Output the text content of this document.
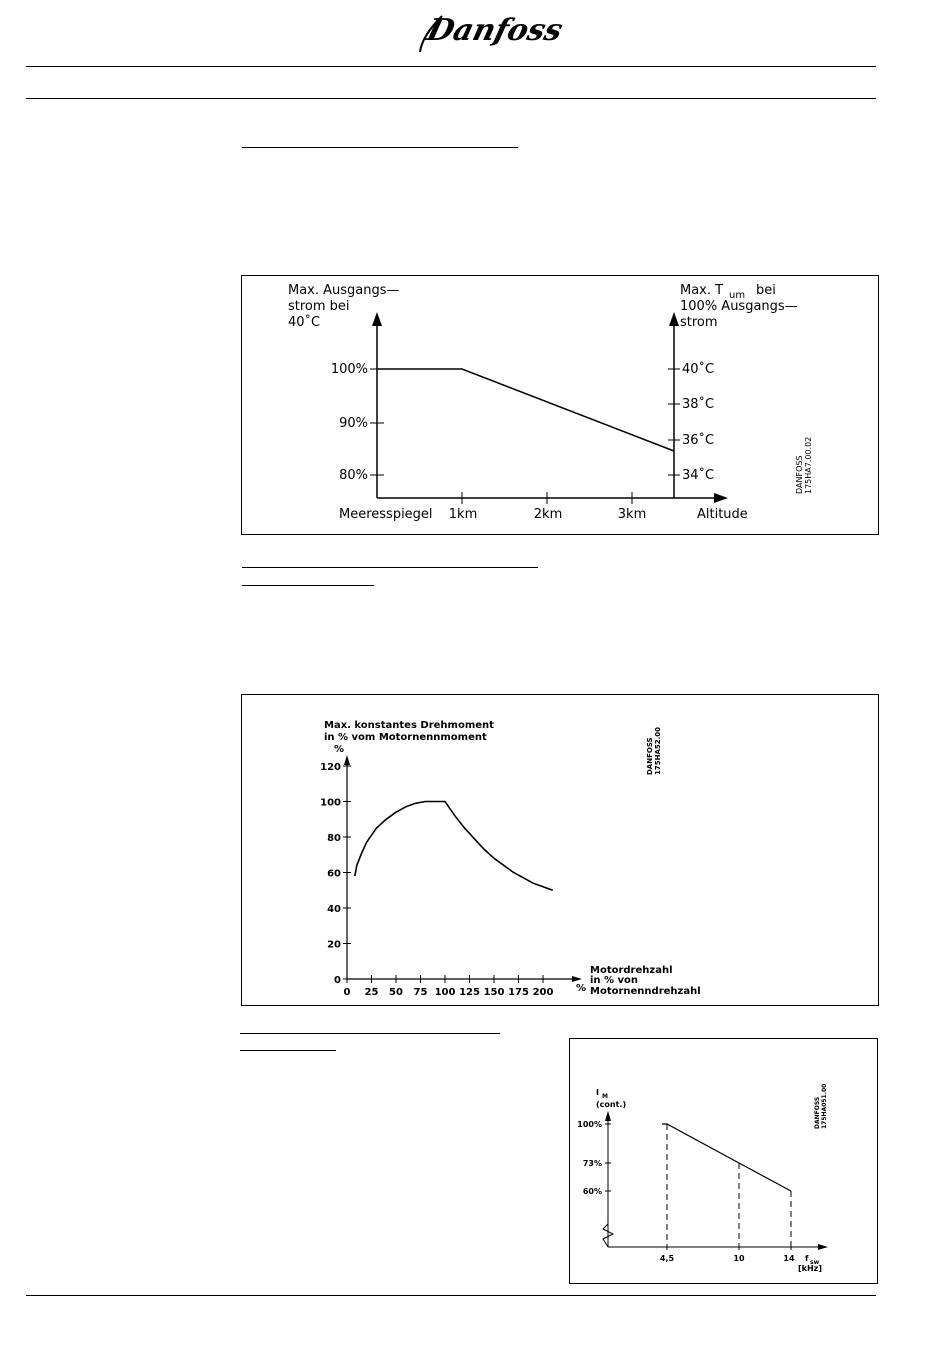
Danfoss
Max. Ausgangs—
strom bei
40˚C
Max. T um bei
100% Ausgangs—
strom
100%
90%
80%
40˚C
38˚C
36˚C
34˚C
Meeresspiegel 1km	2km	3km	Altitude
DANFOSS 175HA7.00.02
Max. konstantes Drehmoment
in % vom Motornennmoment
%
120
100
80
60
40
20
0
0 25 50 75 100 125 150 175 200 %
Motordrehzahl
in % von
Motornenndrehzahl
DANFOSS 175HA52.00
I M
(cont.)
100%
73%
60%
4,5	10	14 f sw
[kHz]
DANFOSS 175HA051.00
